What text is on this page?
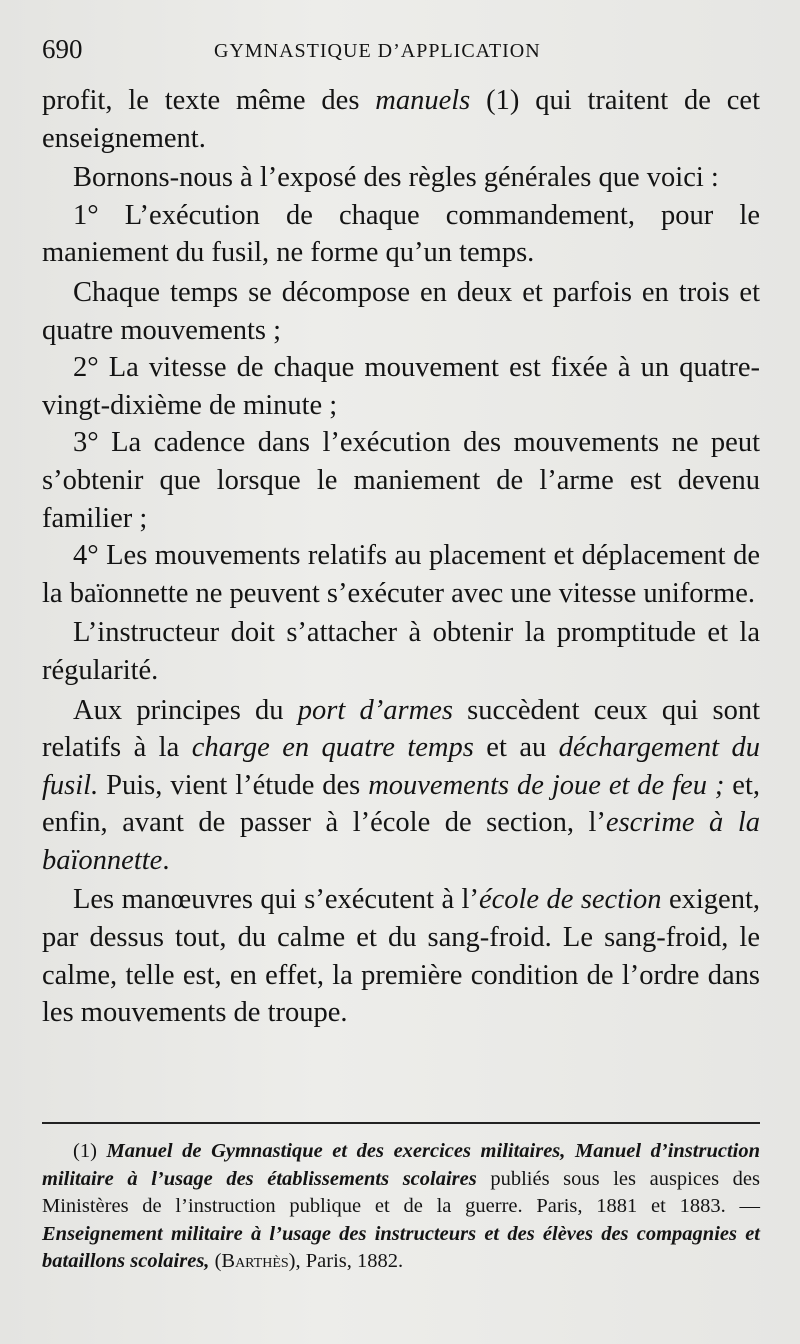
690	GYMNASTIQUE D’APPLICATION

profit, le texte même des manuels (1) qui traitent de cet enseignement.

Bornons-nous à l’exposé des règles générales que voici :

1° L’exécution de chaque commandement, pour le maniement du fusil, ne forme qu’un temps.

Chaque temps se décompose en deux et parfois en trois et quatre mouvements ;

2° La vitesse de chaque mouvement est fixée à un quatre-vingt-dixième de minute ;

3° La cadence dans l’exécution des mouvements ne peut s’obtenir que lorsque le maniement de l’arme est devenu familier ;

4° Les mouvements relatifs au placement et déplacement de la baïonnette ne peuvent s’exécuter avec une vitesse uniforme.

L’instructeur doit s’attacher à obtenir la promptitude et la régularité.

Aux principes du port d’armes succèdent ceux qui sont relatifs à la charge en quatre temps et au déchargement du fusil. Puis, vient l’étude des mouvements de joue et de feu ; et, enfin, avant de passer à l’école de section, l’escrime à la baïonnette.

Les manœuvres qui s’exécutent à l’école de section exigent, par dessus tout, du calme et du sang-froid. Le sang-froid, le calme, telle est, en effet, la première condition de l’ordre dans les mouvements de troupe.

(1) Manuel de Gymnastique et des exercices militaires, Manuel d’instruction militaire à l’usage des établissements scolaires publiés sous les auspices des Ministères de l’instruction publique et de la guerre. Paris, 1881 et 1883. — Enseignement militaire à l’usage des instructeurs et des élèves des compagnies et bataillons scolaires, (Barthès), Paris, 1882.
